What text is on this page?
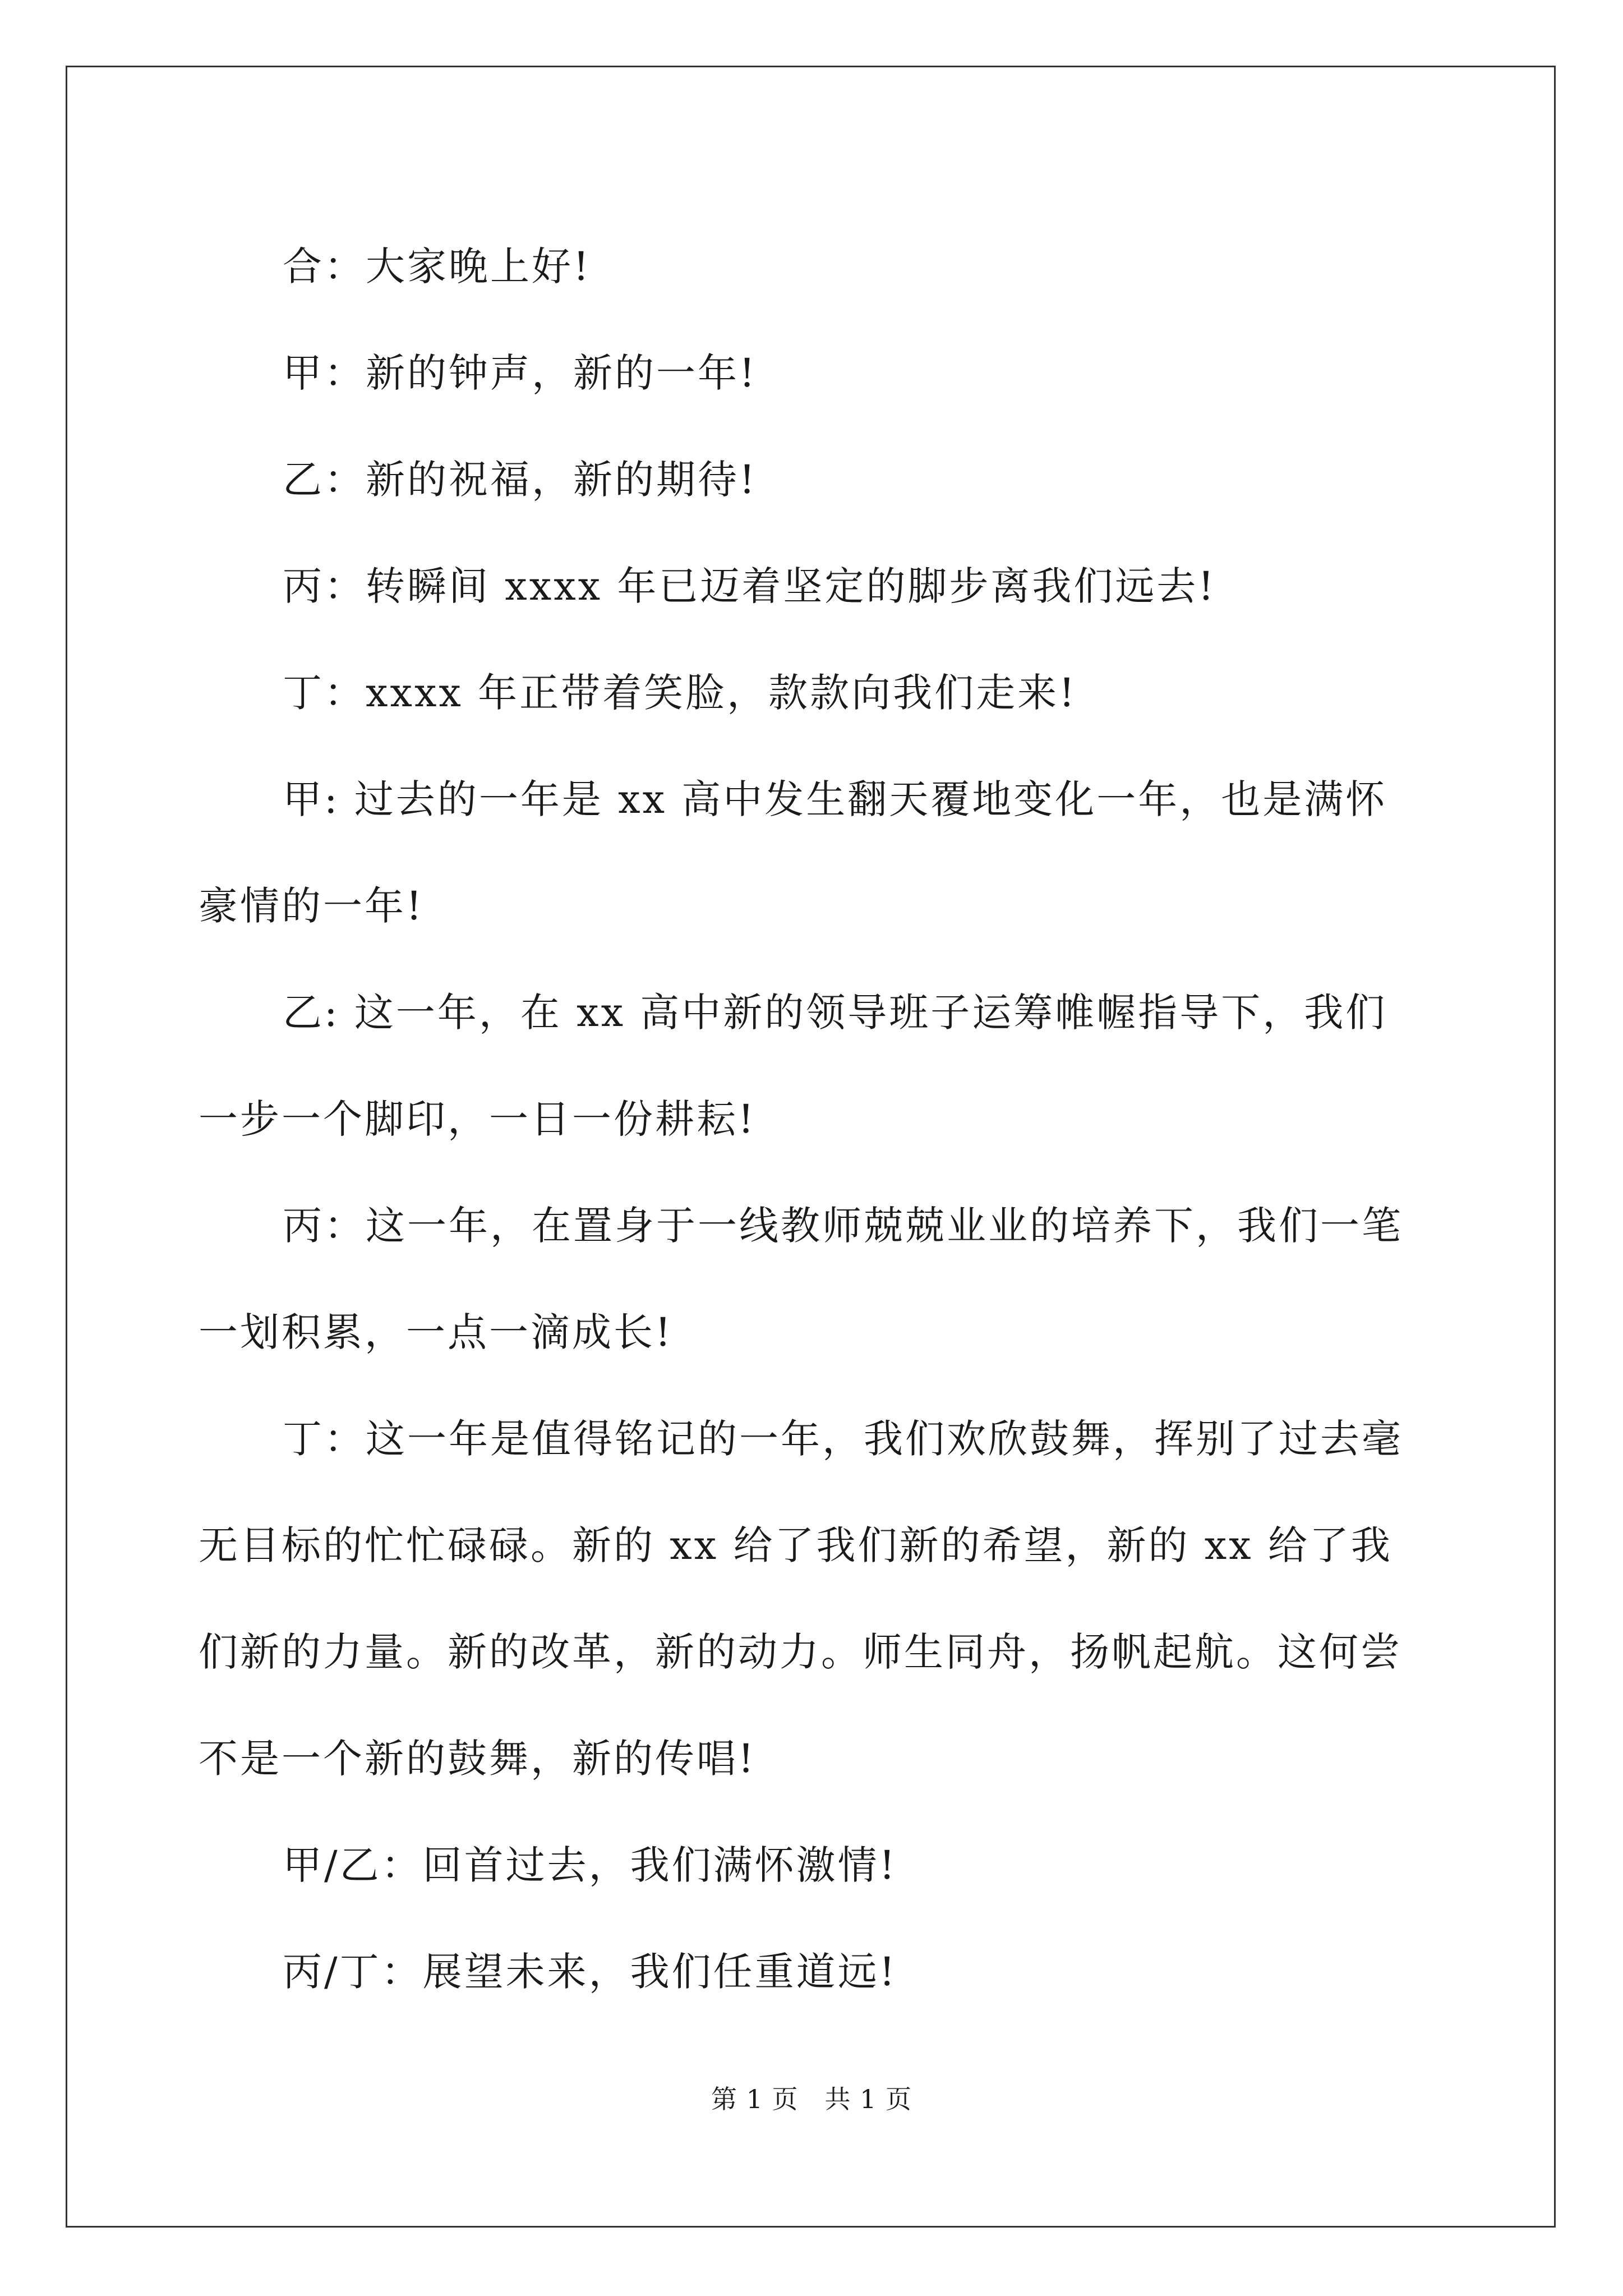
合：大家晚上好!

甲：新的钟声，新的一年!

乙：新的祝福，新的期待!

丙：转瞬间 xxxx 年已迈着坚定的脚步离我们远去!

丁：xxxx 年正带着笑脸，款款向我们走来!

甲: 过去的一年是 xx 高中发生翻天覆地变化一年，也是满怀豪情的一年!

乙: 这一年，在 xx 高中新的领导班子运筹帷幄指导下，我们一步一个脚印，一日一份耕耘!

丙：这一年，在置身于一线教师兢兢业业的培养下，我们一笔一划积累，一点一滴成长!

丁：这一年是值得铭记的一年，我们欢欣鼓舞，挥别了过去毫无目标的忙忙碌碌。新的 xx 给了我们新的希望，新的 xx 给了我们新的力量。新的改革，新的动力。师生同舟，扬帆起航。这何尝不是一个新的鼓舞，新的传唱!

甲/乙：回首过去，我们满怀激情!

丙/丁：展望未来，我们任重道远!

第 1 页　共 1 页
